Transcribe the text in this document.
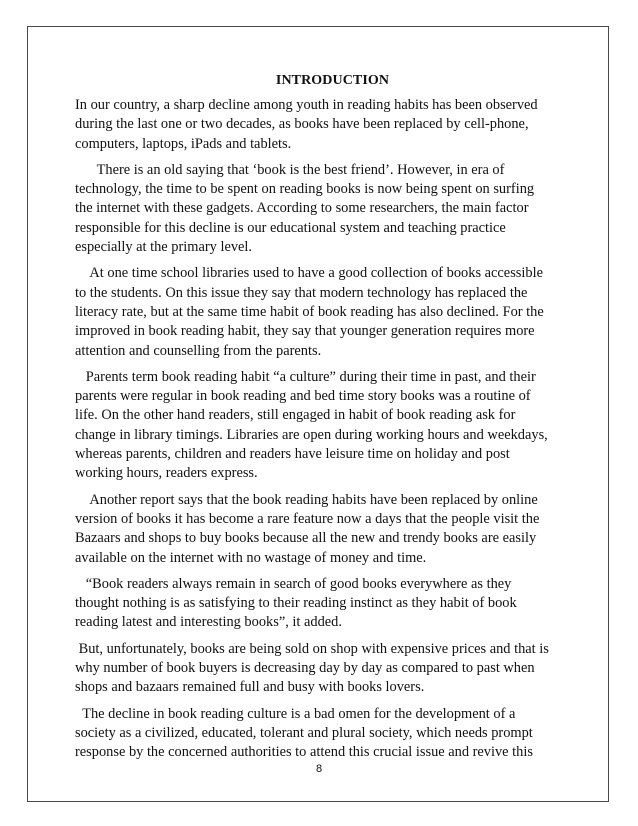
INTRODUCTION
In our country, a sharp decline among youth in reading habits has been observed
during the last one or two decades, as books have been replaced by cell-phone,
computers, laptops, iPads and tablets.
There is an old saying that ‘book is the best friend’. However, in era of
technology, the time to be spent on reading books is now being spent on surfing
the internet with these gadgets. According to some researchers, the main factor
responsible for this decline is our educational system and teaching practice
especially at the primary level.
At one time school libraries used to have a good collection of books accessible
to the students. On this issue they say that modern technology has replaced the
literacy rate, but at the same time habit of book reading has also declined. For the
improved in book reading habit, they say that younger generation requires more
attention and counselling from the parents.
Parents term book reading habit “a culture” during their time in past, and their
parents were regular in book reading and bed time story books was a routine of
life. On the other hand readers, still engaged in habit of book reading ask for
change in library timings. Libraries are open during working hours and weekdays,
whereas parents, children and readers have leisure time on holiday and post
working hours, readers express.
Another report says that the book reading habits have been replaced by online
version of books it has become a rare feature now a days that the people visit the
Bazaars and shops to buy books because all the new and trendy books are easily
available on the internet with no wastage of money and time.
“Book readers always remain in search of good books everywhere as they
thought nothing is as satisfying to their reading instinct as they habit of book
reading latest and interesting books”, it added.
But, unfortunately, books are being sold on shop with expensive prices and that is
why number of book buyers is decreasing day by day as compared to past when
shops and bazaars remained full and busy with books lovers.
The decline in book reading culture is a bad omen for the development of a
society as a civilized, educated, tolerant and plural society, which needs prompt
response by the concerned authorities to attend this crucial issue and revive this
8
